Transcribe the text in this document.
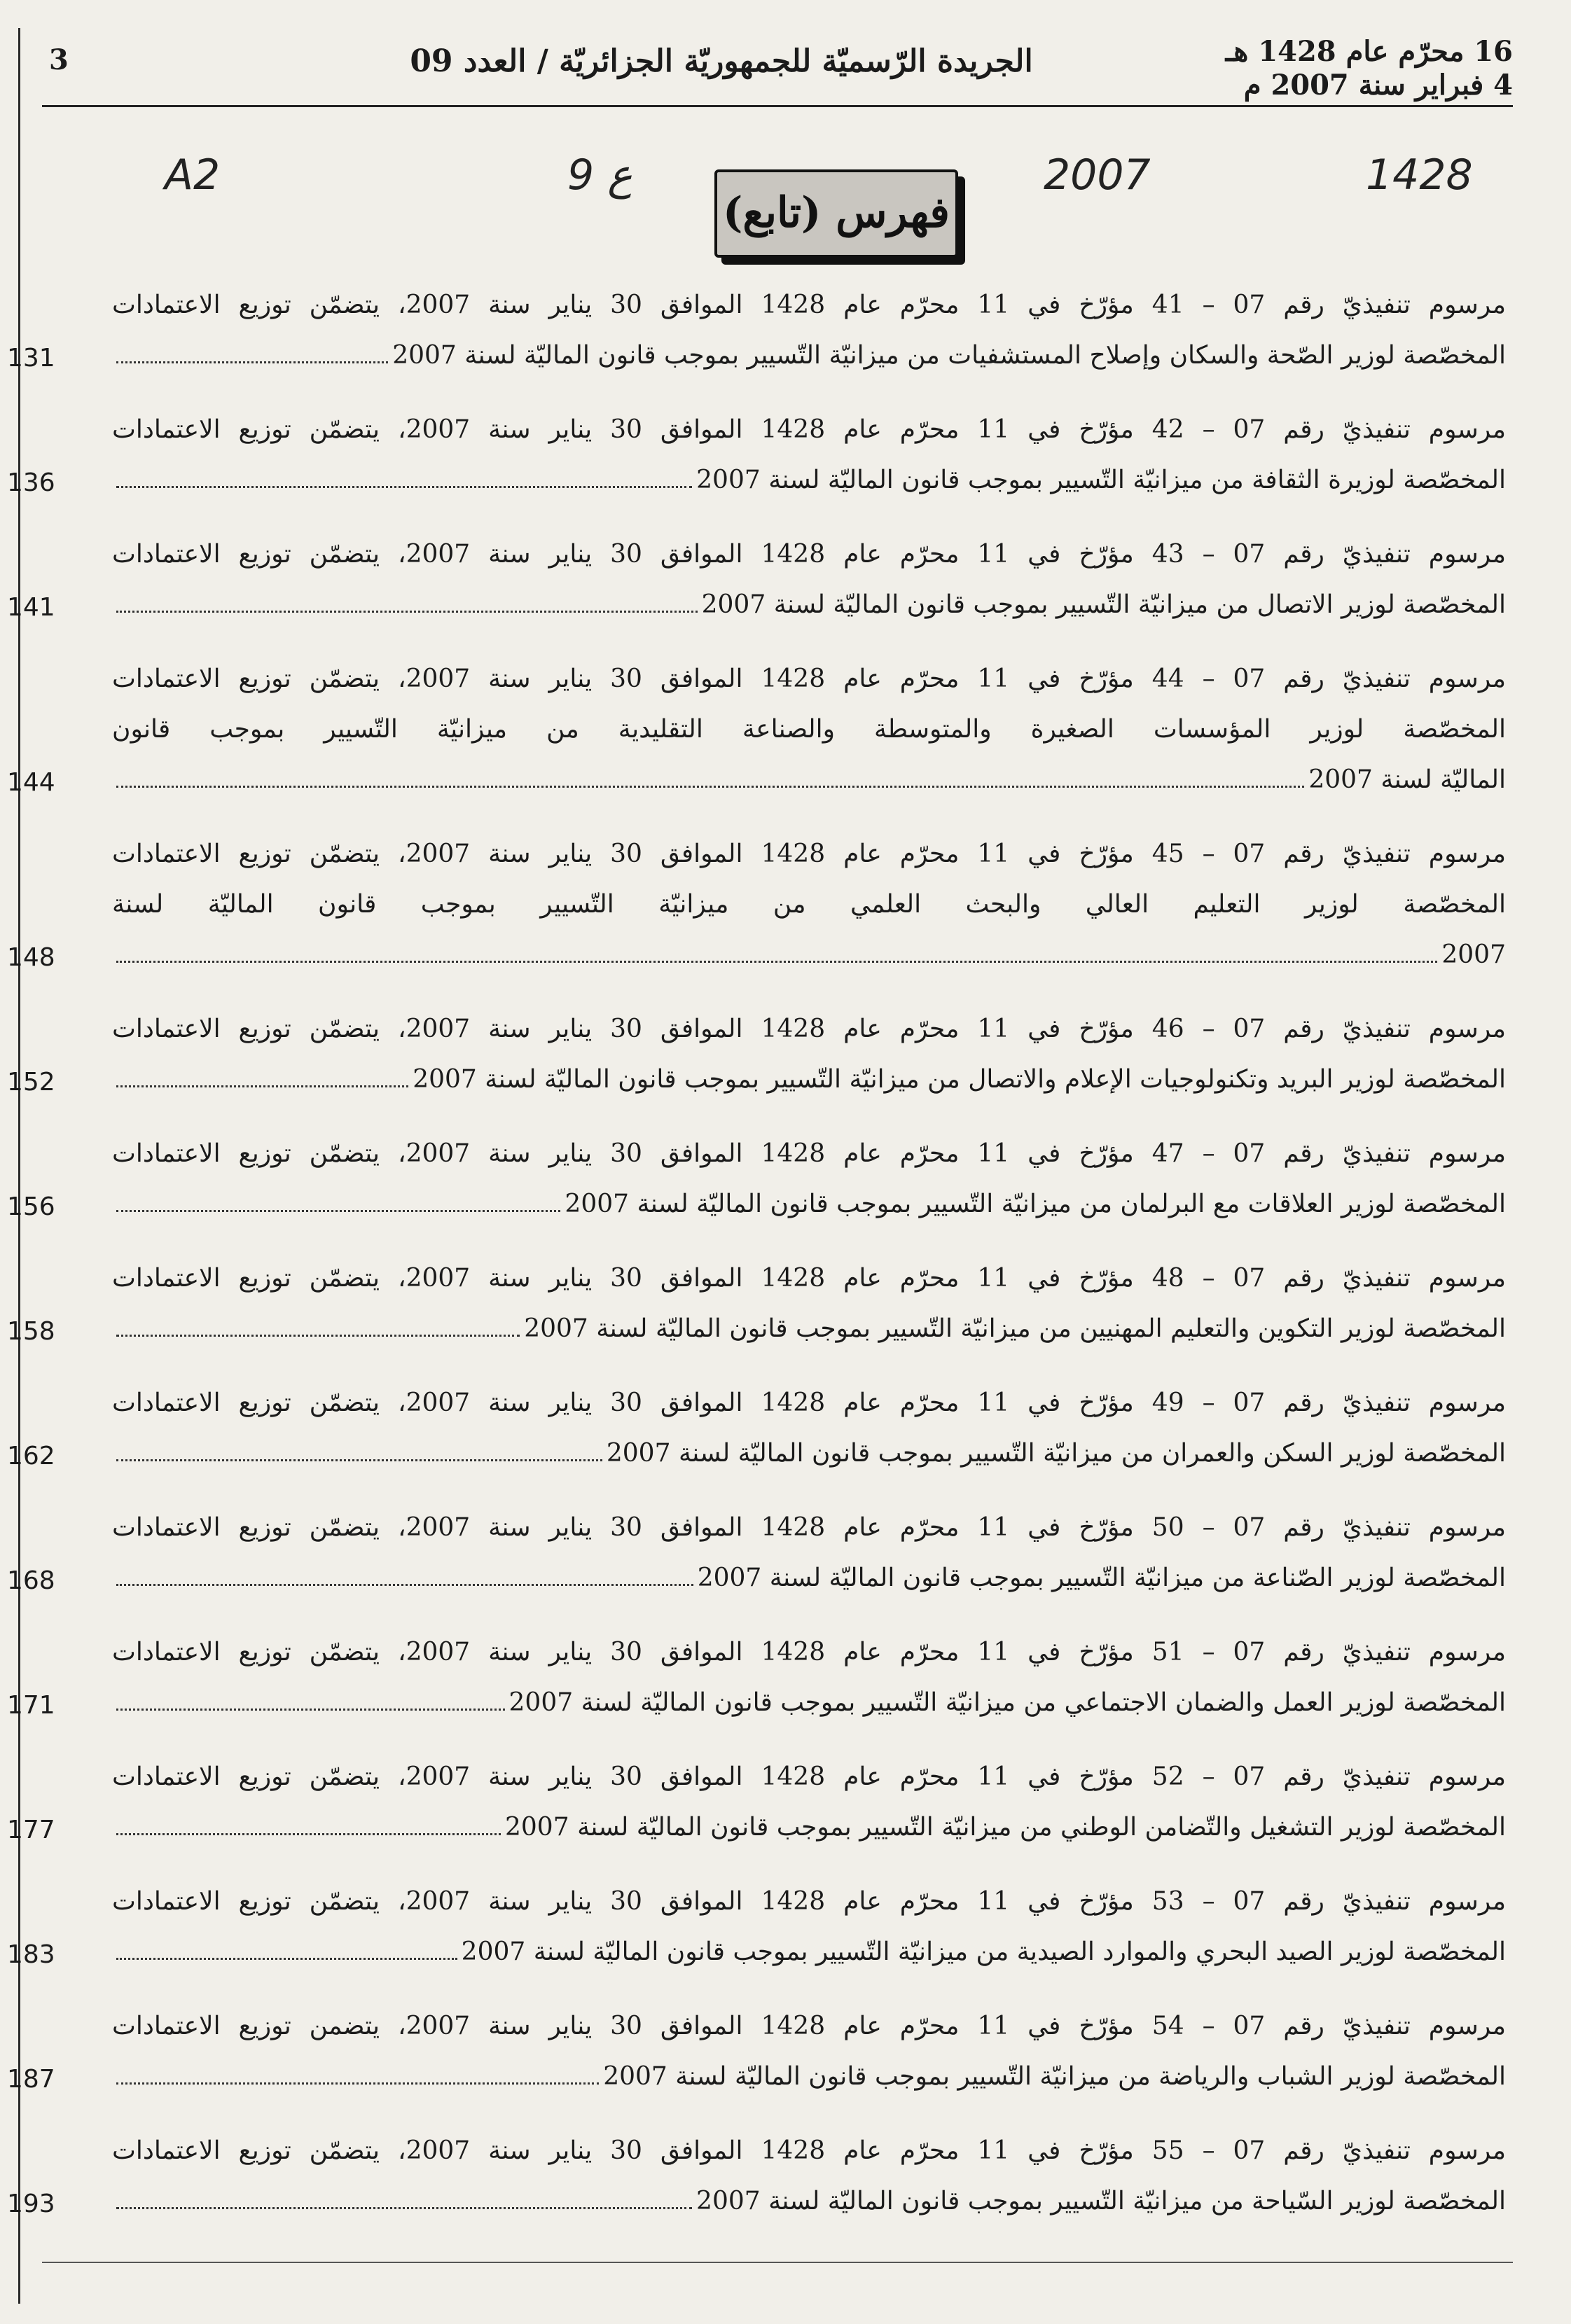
3	الجريدة الرّسميّة للجمهوريّة الجزائريّة / العدد 09	16 محرّم عام 1428 هـ
4 فبراير سنة 2007 م
A2	9 ع	2007	1428
فهرس (تابع)
مرسوم تنفيذيّ رقم 07 – 41 مؤرّخ في 11 محرّم عام 1428 الموافق 30 يناير سنة 2007، يتضمّن توزيع الاعتمادات
المخصّصة لوزير الصّحة والسكان وإصلاح المستشفيات من ميزانيّة التّسيير بموجب قانون الماليّة لسنة 2007
131
مرسوم تنفيذيّ رقم 07 – 42 مؤرّخ في 11 محرّم عام 1428 الموافق 30 يناير سنة 2007، يتضمّن توزيع الاعتمادات
المخصّصة لوزيرة الثقافة من ميزانيّة التّسيير بموجب قانون الماليّة لسنة 2007
136
مرسوم تنفيذيّ رقم 07 – 43 مؤرّخ في 11 محرّم عام 1428 الموافق 30 يناير سنة 2007، يتضمّن توزيع الاعتمادات
المخصّصة لوزير الاتصال من ميزانيّة التّسيير بموجب قانون الماليّة لسنة 2007
141
مرسوم تنفيذيّ رقم 07 – 44 مؤرّخ في 11 محرّم عام 1428 الموافق 30 يناير سنة 2007، يتضمّن توزيع الاعتمادات
المخصّصة لوزير المؤسسات الصغيرة والمتوسطة والصناعة التقليدية من ميزانيّة التّسيير بموجب قانون
الماليّة لسنة 2007
144
مرسوم تنفيذيّ رقم 07 – 45 مؤرّخ في 11 محرّم عام 1428 الموافق 30 يناير سنة 2007، يتضمّن توزيع الاعتمادات
المخصّصة لوزير التعليم العالي والبحث العلمي من ميزانيّة التّسيير بموجب قانون الماليّة لسنة
2007
148
مرسوم تنفيذيّ رقم 07 – 46 مؤرّخ في 11 محرّم عام 1428 الموافق 30 يناير سنة 2007، يتضمّن توزيع الاعتمادات
المخصّصة لوزير البريد وتكنولوجيات الإعلام والاتصال من ميزانيّة التّسيير بموجب قانون الماليّة لسنة 2007
152
مرسوم تنفيذيّ رقم 07 – 47 مؤرّخ في 11 محرّم عام 1428 الموافق 30 يناير سنة 2007، يتضمّن توزيع الاعتمادات
المخصّصة لوزير العلاقات مع البرلمان من ميزانيّة التّسيير بموجب قانون الماليّة لسنة 2007
156
مرسوم تنفيذيّ رقم 07 – 48 مؤرّخ في 11 محرّم عام 1428 الموافق 30 يناير سنة 2007، يتضمّن توزيع الاعتمادات
المخصّصة لوزير التكوين والتعليم المهنيين من ميزانيّة التّسيير بموجب قانون الماليّة لسنة 2007
158
مرسوم تنفيذيّ رقم 07 – 49 مؤرّخ في 11 محرّم عام 1428 الموافق 30 يناير سنة 2007، يتضمّن توزيع الاعتمادات
المخصّصة لوزير السكن والعمران من ميزانيّة التّسيير بموجب قانون الماليّة لسنة 2007
162
مرسوم تنفيذيّ رقم 07 – 50 مؤرّخ في 11 محرّم عام 1428 الموافق 30 يناير سنة 2007، يتضمّن توزيع الاعتمادات
المخصّصة لوزير الصّناعة من ميزانيّة التّسيير بموجب قانون الماليّة لسنة 2007
168
مرسوم تنفيذيّ رقم 07 – 51 مؤرّخ في 11 محرّم عام 1428 الموافق 30 يناير سنة 2007، يتضمّن توزيع الاعتمادات
المخصّصة لوزير العمل والضمان الاجتماعي من ميزانيّة التّسيير بموجب قانون الماليّة لسنة 2007
171
مرسوم تنفيذيّ رقم 07 – 52 مؤرّخ في 11 محرّم عام 1428 الموافق 30 يناير سنة 2007، يتضمّن توزيع الاعتمادات
المخصّصة لوزير التشغيل والتّضامن الوطني من ميزانيّة التّسيير بموجب قانون الماليّة لسنة 2007
177
مرسوم تنفيذيّ رقم 07 – 53 مؤرّخ في 11 محرّم عام 1428 الموافق 30 يناير سنة 2007، يتضمّن توزيع الاعتمادات
المخصّصة لوزير الصيد البحري والموارد الصيدية من ميزانيّة التّسيير بموجب قانون الماليّة لسنة 2007
183
مرسوم تنفيذيّ رقم 07 – 54 مؤرّخ في 11 محرّم عام 1428 الموافق 30 يناير سنة 2007، يتضمن توزيع الاعتمادات
المخصّصة لوزير الشباب والرياضة من ميزانيّة التّسيير بموجب قانون الماليّة لسنة 2007
187
مرسوم تنفيذيّ رقم 07 – 55 مؤرّخ في 11 محرّم عام 1428 الموافق 30 يناير سنة 2007، يتضمّن توزيع الاعتمادات
المخصّصة لوزير السّياحة من ميزانيّة التّسيير بموجب قانون الماليّة لسنة 2007
193
